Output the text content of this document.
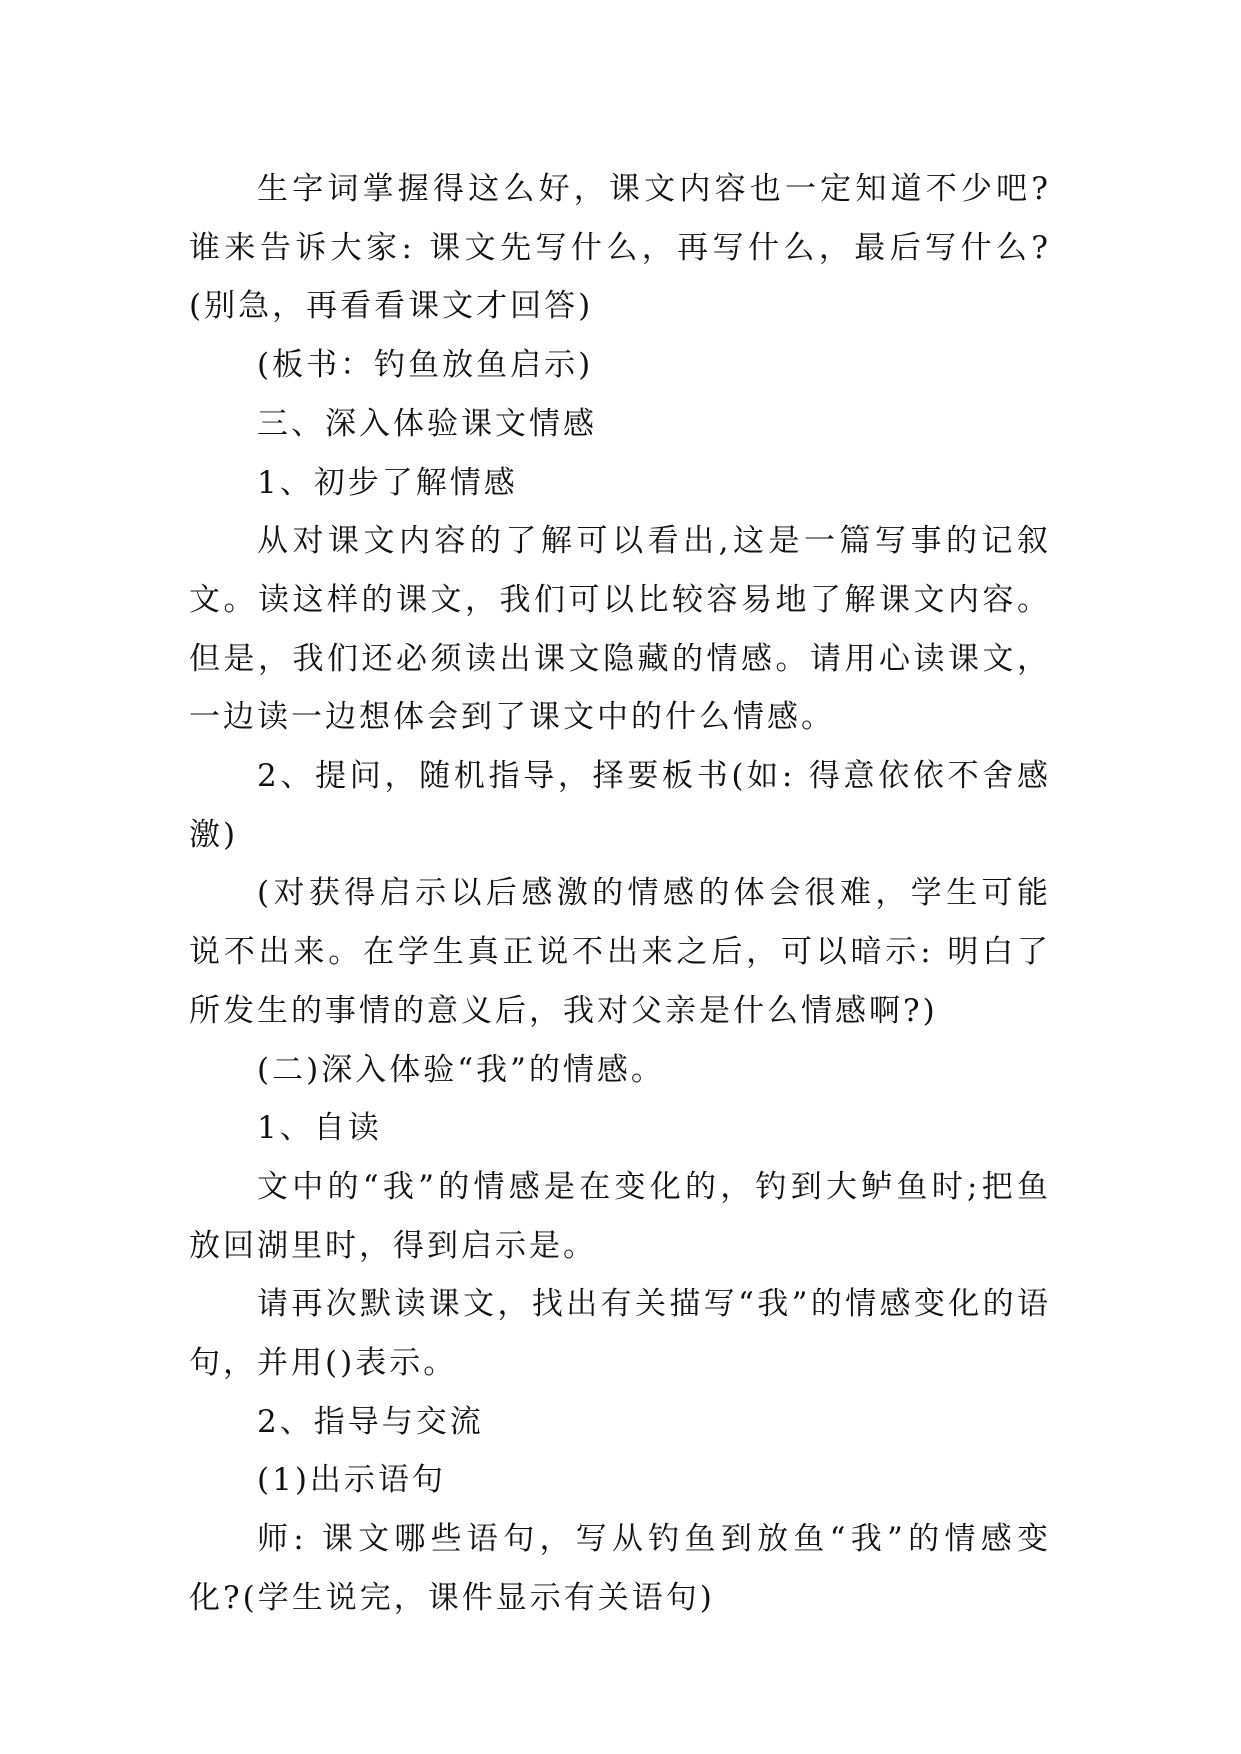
生字词掌握得这么好，课文内容也一定知道不少吧?谁来告诉大家: 课文先写什么，再写什么，最后写什么?(别急，再看看课文才回答)

(板书：钓鱼放鱼启示)

三、深入体验课文情感

1、初步了解情感

从对课文内容的了解可以看出,这是一篇写事的记叙文。读这样的课文，我们可以比较容易地了解课文内容。但是，我们还必须读出课文隐藏的情感。请用心读课文，一边读一边想体会到了课文中的什么情感。

2、提问，随机指导，择要板书(如: 得意依依不舍感激)

(对获得启示以后感激的情感的体会很难，学生可能说不出来。在学生真正说不出来之后，可以暗示: 明白了所发生的事情的意义后，我对父亲是什么情感啊?)

(二)深入体验“我”的情感。

1、自读

文中的“我”的情感是在变化的，钓到大鲈鱼时;把鱼放回湖里时，得到启示是。

请再次默读课文，找出有关描写“我”的情感变化的语句，并用()表示。

2、指导与交流

(1)出示语句

师: 课文哪些语句，写从钓鱼到放鱼“我”的情感变化?(学生说完，课件显示有关语句)
